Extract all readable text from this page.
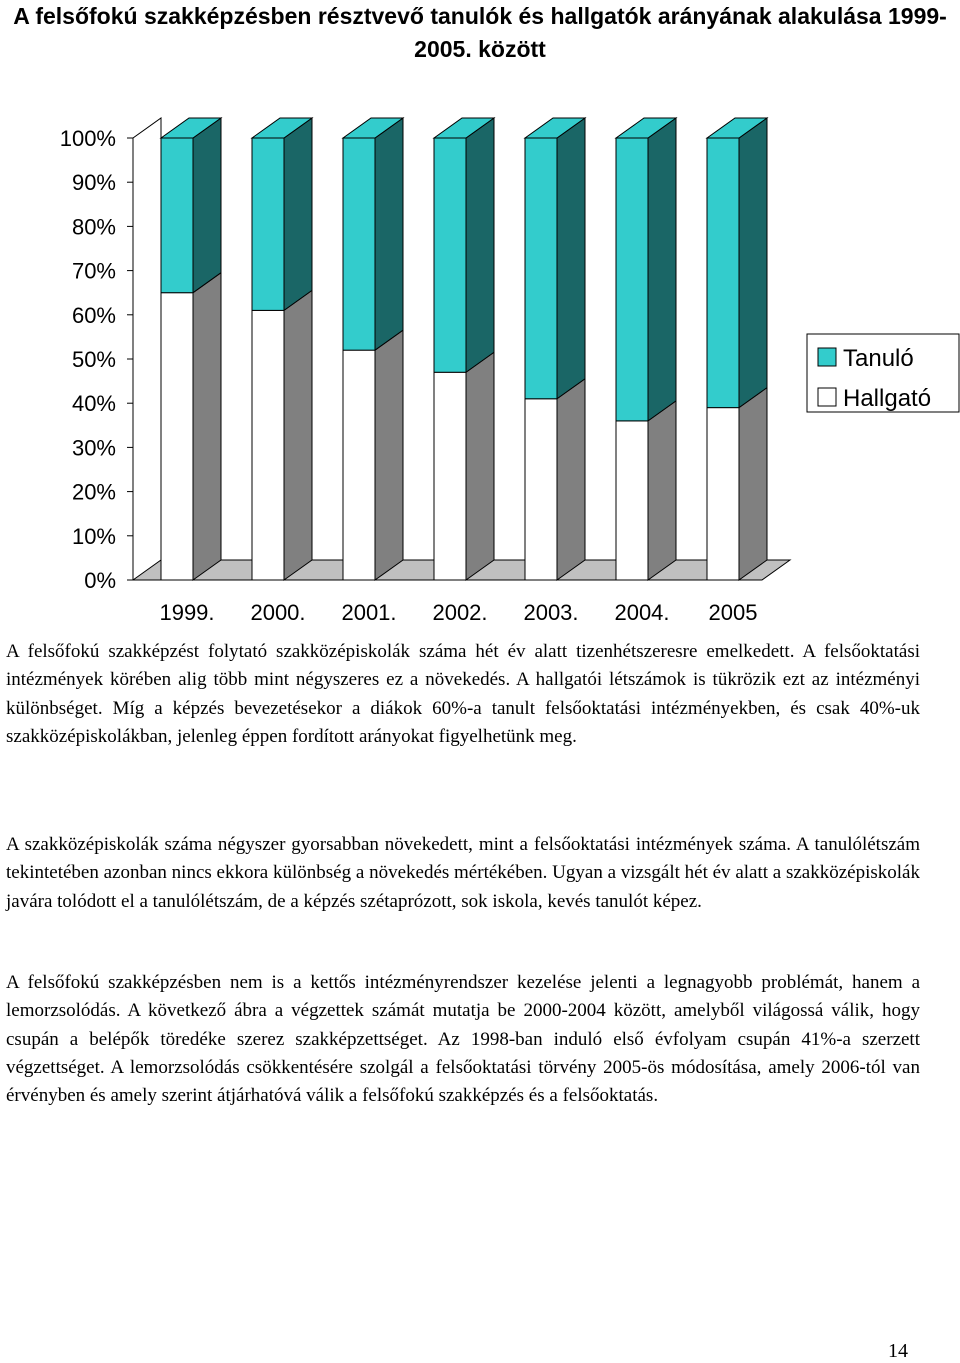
A felsőfokú szakképzésben résztvevő tanulók és hallgatók arányának alakulása 1999- 2005. között
0%
10%
20%
30%
40%
50%
60%
70%
80%
90%
100%
1999. 2000. 2001. 2002. 2003. 2004. 2005
Tanuló
Hallgató

A felsőfokú szakképzést folytató szakközépiskolák száma hét év alatt tizenhétszeresre emelkedett. A felsőoktatási intézmények körében alig több mint négyszeres ez a növekedés. A hallgatói létszámok is tükrözik ezt az intézményi különbséget. Míg a képzés bevezetésekor a diákok 60%-a tanult felsőoktatási intézményekben, és csak 40%-uk szakközépiskolákban, jelenleg éppen fordított arányokat figyelhetünk meg.

A szakközépiskolák száma négyszer gyorsabban növekedett, mint a felsőoktatási intézmények száma. A tanulólétszám tekintetében azonban nincs ekkora különbség a növekedés mértékében. Ugyan a vizsgált hét év alatt a szakközépiskolák javára tolódott el a tanulólétszám, de a képzés szétaprózott, sok iskola, kevés tanulót képez.

A felsőfokú szakképzésben nem is a kettős intézményrendszer kezelése jelenti a legnagyobb problémát, hanem a lemorzsolódás. A következő ábra a végzettek számát mutatja be 2000-2004 között, amelyből világossá válik, hogy csupán a belépők töredéke szerez szakképzettséget. Az 1998-ban induló első évfolyam csupán 41%-a szerzett végzettséget. A lemorzsolódás csökkentésére szolgál a felsőoktatási törvény 2005-ös módosítása, amely 2006-tól van érvényben és amely szerint átjárhatóvá válik a felsőfokú szakképzés és a felsőoktatás.

14
